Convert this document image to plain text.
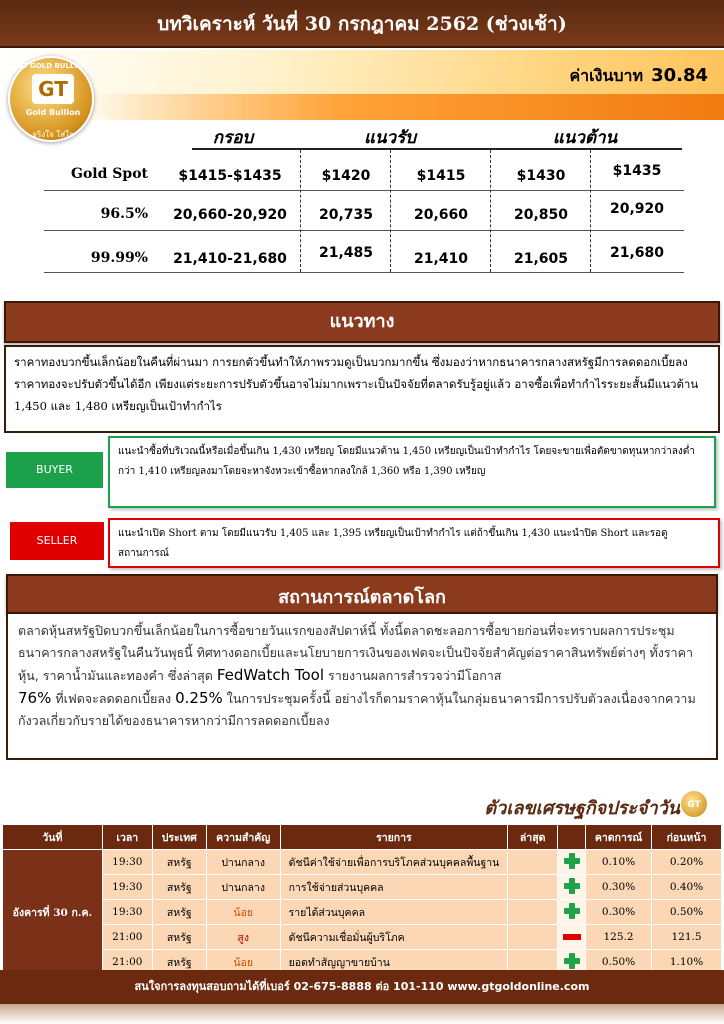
บทวิเคราะห์ วันที่ 30 กรกฎาคม 2562 (ช่วงเช้า)
GT GOLD BULLION
GT
Gold Bullion
จริงใจ ใส่ใจ
ค่าเงินบาท 30.84
กรอบ	แนวรับ	แนวต้าน
Gold Spot	$1415-$1435	$1420	$1415	$1430	$1435
96.5%	20,660-20,920	20,735	20,660	20,850	20,920
99.99%	21,410-21,680	21,485	21,410	21,605	21,680
แนวทาง
ราคาทองบวกขึ้นเล็กน้อยในคืนที่ผ่านมา การยกตัวขึ้นทำให้ภาพรวมดูเป็นบวกมากขึ้น ซึ่งมองว่าหากธนาคารกลางสหรัฐมีการลดดอกเบี้ยลงราคาทองจะปรับตัวขึ้นได้อีก เพียงแต่ระยะการปรับตัวขึ้นอาจไม่มากเพราะเป็นปัจจัยที่ตลาดรับรู้อยู่แล้ว อาจซื้อเพื่อทำกำไรระยะสั้นมีแนวต้าน 1,450 และ 1,480 เหรียญเป็นเป้าทำกำไร
BUYER
แนะนำซื้อที่บริเวณนี้หรือเมื่อขึ้นเกิน 1,430 เหรียญ โดยมีแนวต้าน 1,450 เหรียญเป็นเป้าทำกำไร โดยจะขายเพื่อตัดขาดทุนหากว่าลงต่ำกว่า 1,410 เหรียญลงมาโดยจะหาจังหวะเข้าซื้อหากลงใกล้ 1,360 หรือ 1,390 เหรียญ
SELLER
แนะนำเปิด Short ตาม โดยมีแนวรับ 1,405 และ 1,395 เหรียญเป็นเป้าทำกำไร แต่ถ้าขึ้นเกิน 1,430 แนะนำปิด Short และรอดูสถานการณ์
สถานการณ์ตลาดโลก
ตลาดหุ้นสหรัฐปิดบวกขึ้นเล็กน้อยในการซื้อขายวันแรกของสัปดาห์นี้ ทั้งนี้ตลาดชะลอการซื้อขายก่อนที่จะทราบผลการประชุมธนาคารกลางสหรัฐในคืนวันพุธนี้ ทิศทางดอกเบี้ยและนโยบายการเงินของเฟดจะเป็นปัจจัยสำคัญต่อราคาสินทรัพย์ต่างๆ ทั้งราคาหุ้น, ราคาน้ำมันและทองคำ ซึ่งล่าสุด FedWatch Tool รายงานผลการสำรวจว่ามีโอกาส
76% ที่เฟดจะลดดอกเบี้ยลง 0.25% ในการประชุมครั้งนี้ อย่างไรก็ตามราคาหุ้นในกลุ่มธนาคารมีการปรับตัวลงเนื่องจากความกังวลเกี่ยวกับรายได้ของธนาคารหากว่ามีการลดดอกเบี้ยลง
ตัวเลขเศรษฐกิจประจำวัน GT
วันที่	เวลา	ประเทศ	ความสำคัญ	รายการ	ล่าสุด		คาดการณ์	ก่อนหน้า
อังคารที่ 30 ก.ค.	19:30	สหรัฐ	ปานกลาง	ดัชนีค่าใช้จ่ายเพื่อการบริโภคส่วนบุคคลพื้นฐาน			0.10%	0.20%
	19:30	สหรัฐ	ปานกลาง	การใช้จ่ายส่วนบุคคล			0.30%	0.40%
	19:30	สหรัฐ	น้อย	รายได้ส่วนบุคคล			0.30%	0.50%
	21:00	สหรัฐ	สูง	ดัชนีความเชื่อมั่นผู้บริโภค			125.2	121.5
	21:00	สหรัฐ	น้อย	ยอดทำสัญญาขายบ้าน			0.50%	1.10%
สนใจการลงทุนสอบถามได้ที่เบอร์ 02-675-8888 ต่อ 101-110 www.gtgoldonline.com
